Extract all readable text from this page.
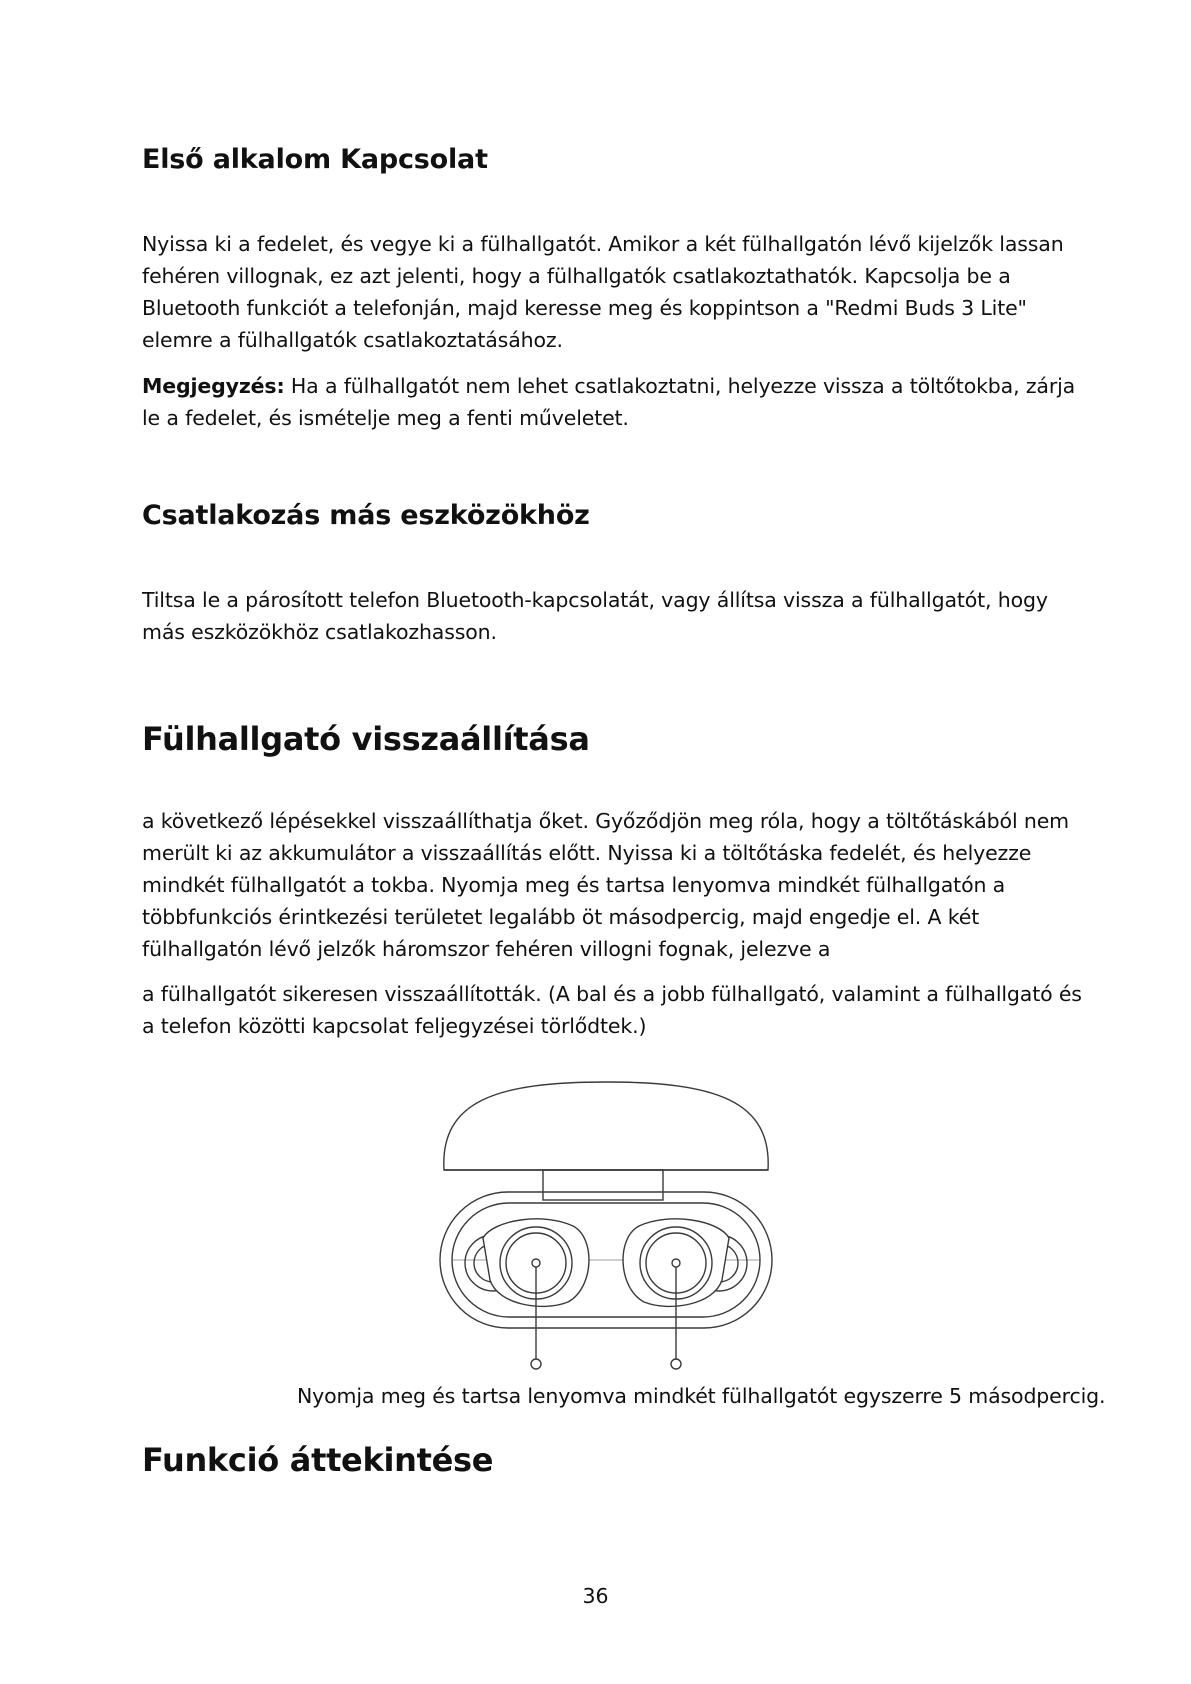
Első alkalom Kapcsolat

Nyissa ki a fedelet, és vegye ki a fülhallgatót. Amikor a két fülhallgatón lévő kijelzők lassan fehéren villognak, ez azt jelenti, hogy a fülhallgatók csatlakoztathatók. Kapcsolja be a Bluetooth funkciót a telefonján, majd keresse meg és koppintson a "Redmi Buds 3 Lite" elemre a fülhallgatók csatlakoztatásához.

Megjegyzés: Ha a fülhallgatót nem lehet csatlakoztatni, helyezze vissza a töltőtokba, zárja le a fedelet, és ismételje meg a fenti műveletet.

Csatlakozás más eszközökhöz

Tiltsa le a párosított telefon Bluetooth-kapcsolatát, vagy állítsa vissza a fülhallgatót, hogy más eszközökhöz csatlakozhasson.

Fülhallgató visszaállítása

a következő lépésekkel visszaállíthatja őket. Győződjön meg róla, hogy a töltőtáskából nem merült ki az akkumulátor a visszaállítás előtt. Nyissa ki a töltőtáska fedelét, és helyezze mindkét fülhallgatót a tokba. Nyomja meg és tartsa lenyomva mindkét fülhallgatón a többfunkciós érintkezési területet legalább öt másodpercig, majd engedje el. A két fülhallgatón lévő jelzők háromszor fehéren villogni fognak, jelezve a

a fülhallgatót sikeresen visszaállították. (A bal és a jobb fülhallgató, valamint a fülhallgató és a telefon közötti kapcsolat feljegyzései törlődtek.)

Nyomja meg és tartsa lenyomva mindkét fülhallgatót egyszerre 5 másodpercig.

Funkció áttekintése

36
